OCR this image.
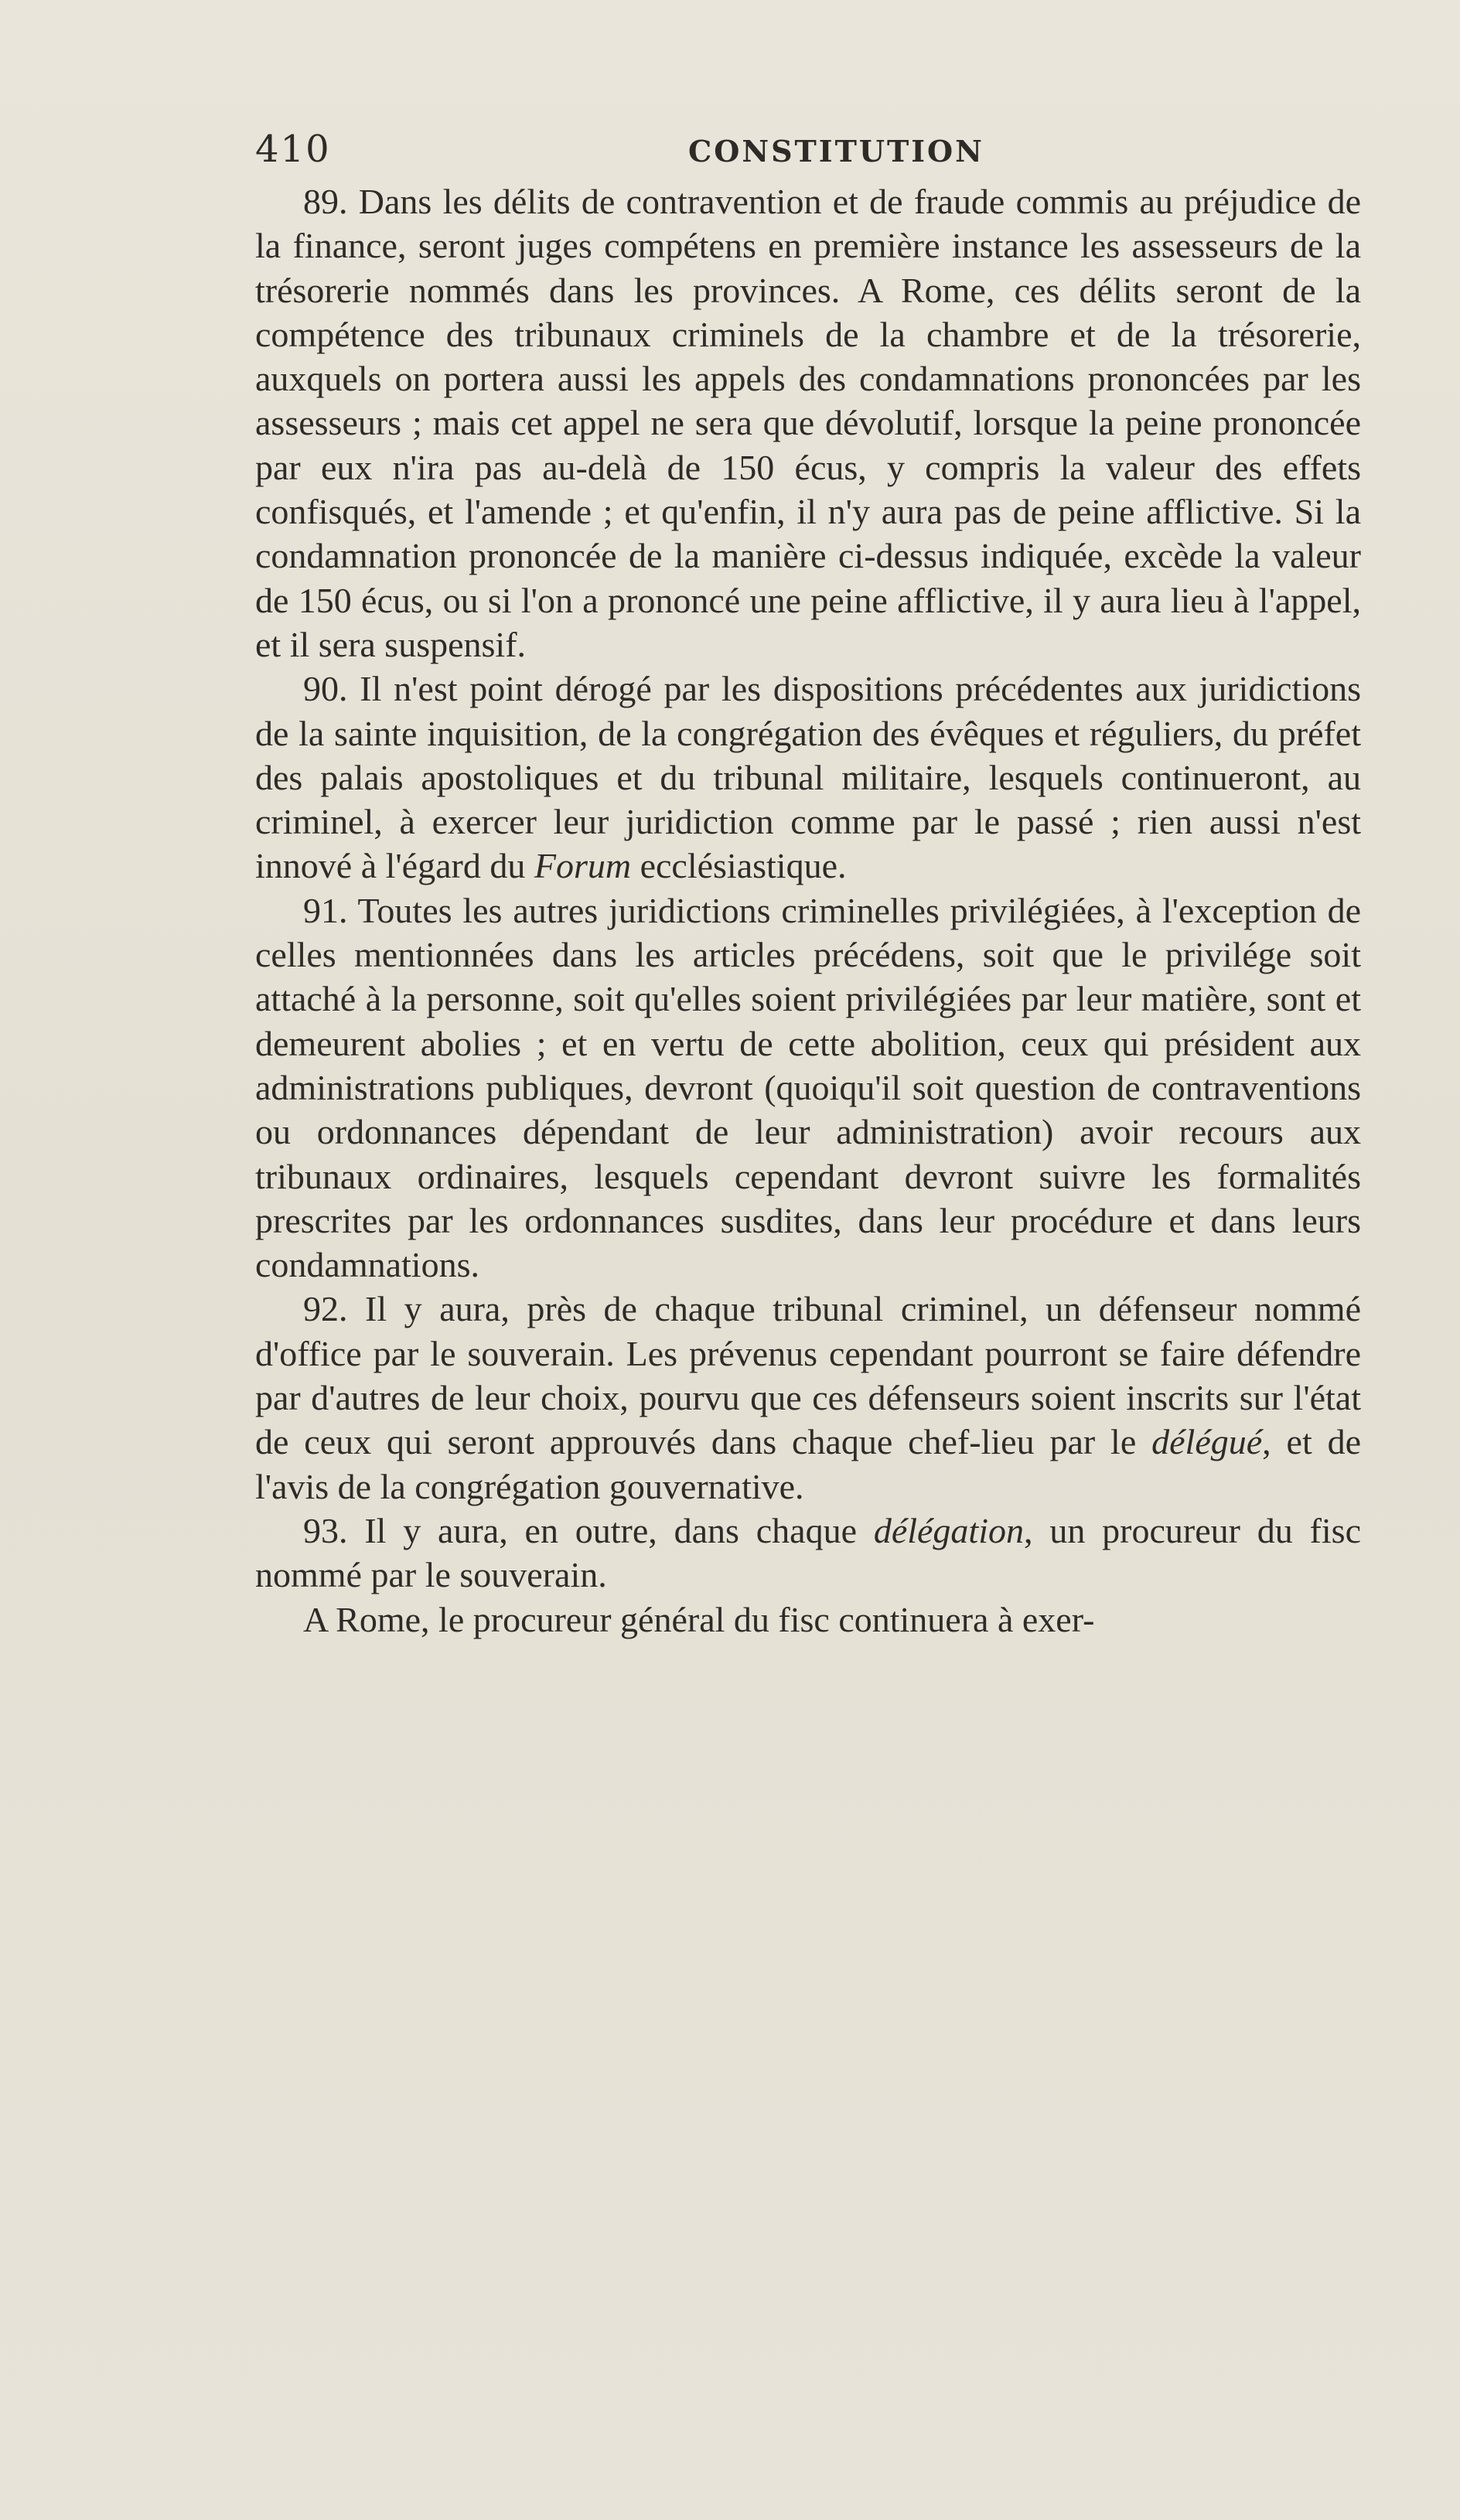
410	CONSTITUTION

89. Dans les délits de contravention et de fraude commis au préjudice de la finance, seront juges compétens en première instance les assesseurs de la trésorerie nommés dans les provinces. A Rome, ces délits seront de la compétence des tribunaux criminels de la chambre et de la trésorerie, auxquels on portera aussi les appels des condamnations prononcées par les assesseurs ; mais cet appel ne sera que dévolutif, lorsque la peine prononcée par eux n'ira pas au-delà de 150 écus, y compris la valeur des effets confisqués, et l'amende ; et qu'enfin, il n'y aura pas de peine afflictive. Si la condamnation prononcée de la manière ci-dessus indiquée, excède la valeur de 150 écus, ou si l'on a prononcé une peine afflictive, il y aura lieu à l'appel, et il sera suspensif.

90. Il n'est point dérogé par les dispositions précédentes aux juridictions de la sainte inquisition, de la congrégation des évêques et réguliers, du préfet des palais apostoliques et du tribunal militaire, lesquels continueront, au criminel, à exercer leur juridiction comme par le passé ; rien aussi n'est innové à l'égard du Forum ecclésiastique.

91. Toutes les autres juridictions criminelles privilégiées, à l'exception de celles mentionnées dans les articles précédens, soit que le privilége soit attaché à la personne, soit qu'elles soient privilégiées par leur matière, sont et demeurent abolies ; et en vertu de cette abolition, ceux qui président aux administrations publiques, devront (quoiqu'il soit question de contraventions ou ordonnances dépendant de leur administration) avoir recours aux tribunaux ordinaires, lesquels cependant devront suivre les formalités prescrites par les ordonnances susdites, dans leur procédure et dans leurs condamnations.

92. Il y aura, près de chaque tribunal criminel, un défenseur nommé d'office par le souverain. Les prévenus cependant pourront se faire défendre par d'autres de leur choix, pourvu que ces défenseurs soient inscrits sur l'état de ceux qui seront approuvés dans chaque chef-lieu par le délégué, et de l'avis de la congrégation gouvernative.

93. Il y aura, en outre, dans chaque délégation, un procureur du fisc nommé par le souverain.

A Rome, le procureur général du fisc continuera à exer-
